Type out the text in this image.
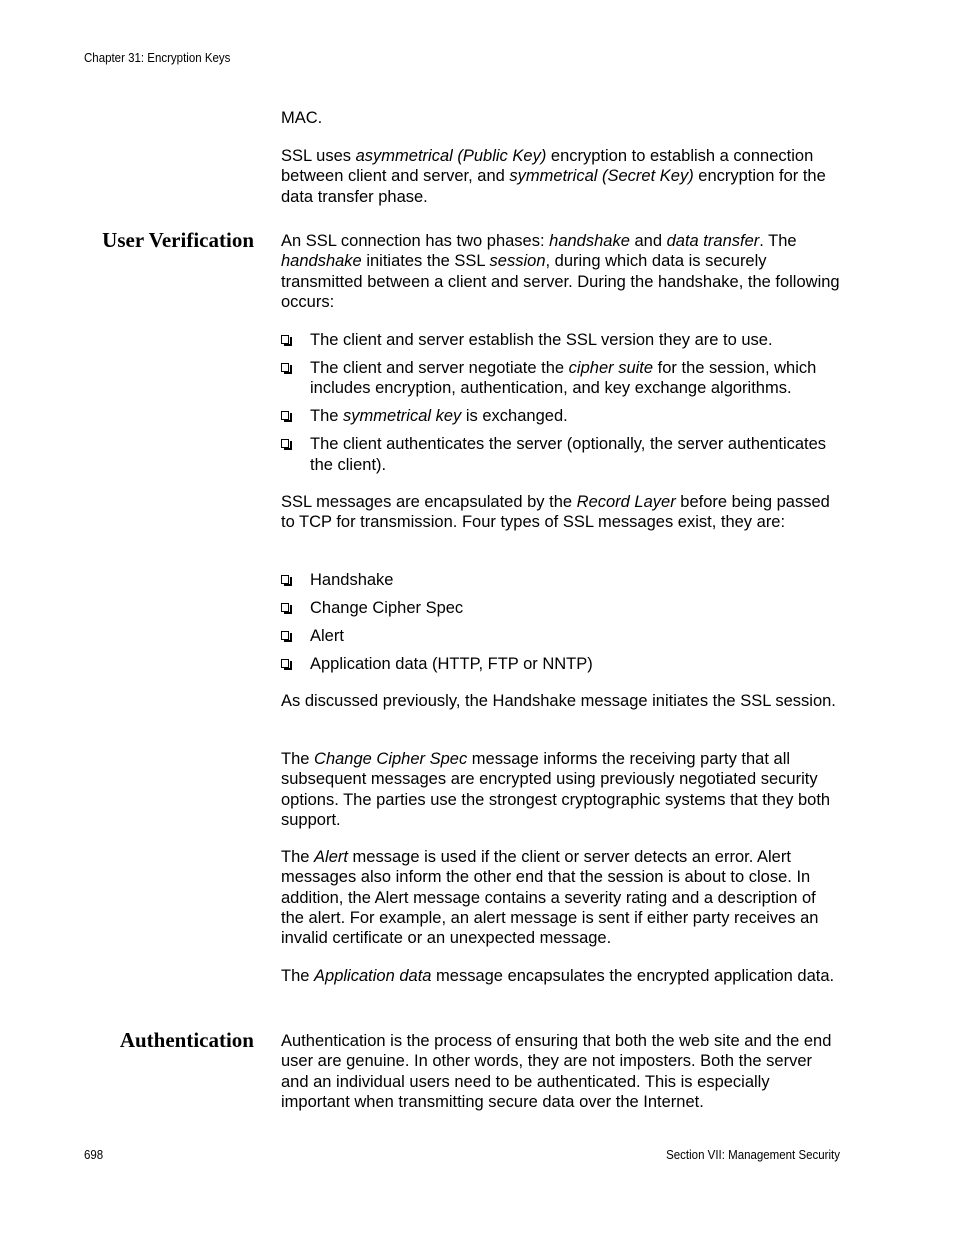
Chapter 31: Encryption Keys

MAC.

SSL uses asymmetrical (Public Key) encryption to establish a connection between client and server, and symmetrical (Secret Key) encryption for the data transfer phase.

User Verification An SSL connection has two phases: handshake and data transfer. The handshake initiates the SSL session, during which data is securely transmitted between a client and server. During the handshake, the following occurs:

The client and server establish the SSL version they are to use.
The client and server negotiate the cipher suite for the session, which includes encryption, authentication, and key exchange algorithms.
The symmetrical key is exchanged.
The client authenticates the server (optionally, the server authenticates the client).

SSL messages are encapsulated by the Record Layer before being passed to TCP for transmission. Four types of SSL messages exist, they are:

Handshake
Change Cipher Spec
Alert
Application data (HTTP, FTP or NNTP)

As discussed previously, the Handshake message initiates the SSL session.

The Change Cipher Spec message informs the receiving party that all subsequent messages are encrypted using previously negotiated security options. The parties use the strongest cryptographic systems that they both support.

The Alert message is used if the client or server detects an error. Alert messages also inform the other end that the session is about to close. In addition, the Alert message contains a severity rating and a description of the alert. For example, an alert message is sent if either party receives an invalid certificate or an unexpected message.

The Application data message encapsulates the encrypted application data.

Authentication Authentication is the process of ensuring that both the web site and the end user are genuine. In other words, they are not imposters. Both the server and an individual users need to be authenticated. This is especially important when transmitting secure data over the Internet.

698	Section VII: Management Security
